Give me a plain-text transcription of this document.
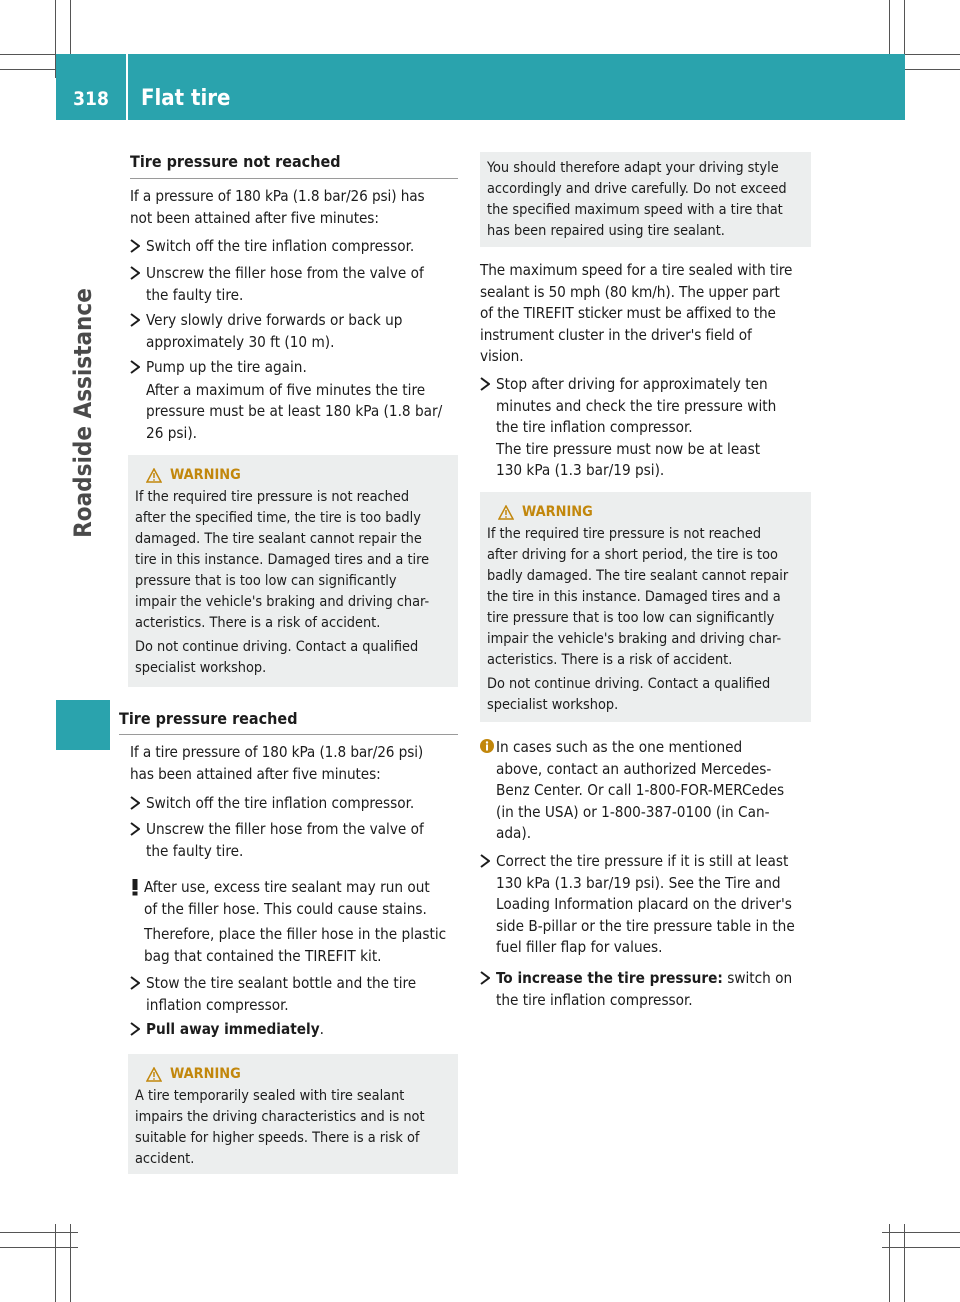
318	Flat tire
Roadside Assistance
Tire pressure not reached
If a pressure of 180 kPa (1.8 bar/26 psi) has
not been attained after five minutes:
Switch off the tire inflation compressor.
Unscrew the filler hose from the valve of
the faulty tire.
Very slowly drive forwards or back up
approximately 30 ft (10 m).
Pump up the tire again.
After a maximum of five minutes the tire
pressure must be at least 180 kPa (1.8 bar/
26 psi).
WARNING
If the required tire pressure is not reached
after the specified time, the tire is too badly
damaged. The tire sealant cannot repair the
tire in this instance. Damaged tires and a tire
pressure that is too low can significantly
impair the vehicle's braking and driving char-
acteristics. There is a risk of accident.
Do not continue driving. Contact a qualified
specialist workshop.
Tire pressure reached
If a tire pressure of 180 kPa (1.8 bar/26 psi)
has been attained after five minutes:
Switch off the tire inflation compressor.
Unscrew the filler hose from the valve of
the faulty tire.
After use, excess tire sealant may run out
of the filler hose. This could cause stains.
Therefore, place the filler hose in the plastic
bag that contained the TIREFIT kit.
Stow the tire sealant bottle and the tire
inflation compressor.
Pull away immediately.
WARNING
A tire temporarily sealed with tire sealant
impairs the driving characteristics and is not
suitable for higher speeds. There is a risk of
accident.
You should therefore adapt your driving style
accordingly and drive carefully. Do not exceed
the specified maximum speed with a tire that
has been repaired using tire sealant.
The maximum speed for a tire sealed with tire
sealant is 50 mph (80 km/h). The upper part
of the TIREFIT sticker must be affixed to the
instrument cluster in the driver's field of
vision.
Stop after driving for approximately ten
minutes and check the tire pressure with
the tire inflation compressor.
The tire pressure must now be at least
130 kPa (1.3 bar/19 psi).
WARNING
If the required tire pressure is not reached
after driving for a short period, the tire is too
badly damaged. The tire sealant cannot repair
the tire in this instance. Damaged tires and a
tire pressure that is too low can significantly
impair the vehicle's braking and driving char-
acteristics. There is a risk of accident.
Do not continue driving. Contact a qualified
specialist workshop.
In cases such as the one mentioned
above, contact an authorized Mercedes-
Benz Center. Or call 1-800-FOR-MERCedes
(in the USA) or 1-800-387-0100 (in Can-
ada).
Correct the tire pressure if it is still at least
130 kPa (1.3 bar/19 psi). See the Tire and
Loading Information placard on the driver's
side B-pillar or the tire pressure table in the
fuel filler flap for values.
To increase the tire pressure: switch on
the tire inflation compressor.
